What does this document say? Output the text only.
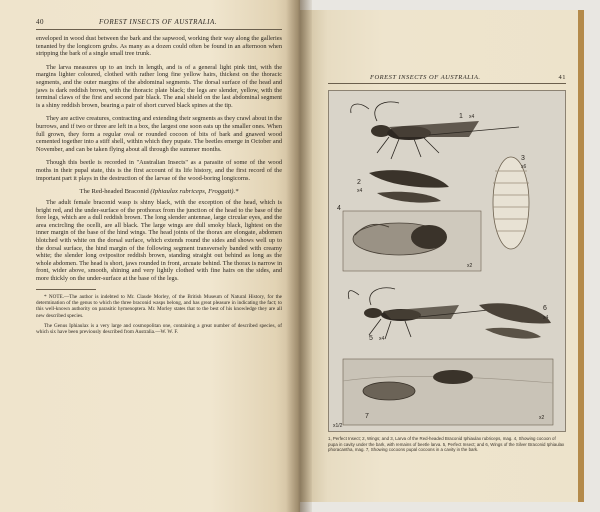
40	FOREST INSECTS OF AUSTRALIA.

enveloped in wood dust between the bark and the sapwood, working their way along the galleries tenanted by the longicorn grubs. As many as a dozen could often be found in an afternoon when stripping the bark of a single small tree trunk.

The larva measures up to an inch in length, and is of a general light pink tint, with the margins lighter coloured, clothed with rather long fine yellow hairs, thickest on the thoracic segments, and the outer margins of the abdominal segments. The dorsal surface of the head and jaws is dark reddish brown, with the thoracic plate black; the legs are slender, yellow, with the terminal claws of the first and second pair black. The anal shield on the last abdominal segment is a shiny reddish brown, bearing a pair of short curved black spines at the tip.

They are active creatures, contracting and extending their segments as they crawl about in the burrows, and if two or three are left in a box, the largest one soon eats up the smaller ones. When full grown, they form a regular oval or rounded cocoon of bits of bark and gnawed wood cemented together into a stiff shell, within which they pupate. The beetles emerge in October and November, and can be taken flying about all through the summer months.

Though this beetle is recorded in "Australian Insects" as a parasite of some of the wood moths in their pupal state, this is the first account of its life history, and the first record of the important part it plays in the destruction of the larvae of the wood-boring longicorns.

The Red-headed Braconid (Iphiaulax rubriceps, Froggatt).*

The adult female braconid wasp is shiny black, with the exception of the head, which is bright red, and the under-surface of the prothorax from the junction of the head to the base of the fore legs, which are a dull reddish brown. The long slender antennae, large circular eyes, and the area encircling the ocelli, are all black. The large wings are dull smoky black, lightest on the inner margin of the base of the hind wings. The head joints of the thorax are elongate, abdomen blotched with white on the dorsal surface, which extends round the sides and shows well up to the dorsal surface, the hind margin of the following segment transversely banded with creamy white; the slender long ovipositor reddish brown, standing straight out behind as long as the whole abdomen. The head is short, jaws rounded in front, arcuate behind. The thorax is narrow in front, wider above, smooth, shining and very lightly clothed with fine hairs on the sides, and more thickly on the under-surface at the base of the legs.

* NOTE.—The author is indebted to Mr. Claude Morley, of the British Museum of Natural History, for the determination of the genus to which the three braconid wasps belong, and has great pleasure in indicating the fact; to this well-known authority on parasitic hymenoptera. Mr. Morley states that to the best of his knowledge they are all new described species.

The Genus Iphiaulax is a very large and cosmopolitan one, containing a great number of described species, of which six have been previously described from Australia.—W. W. F.

FOREST INSECTS OF AUSTRALIA.	41
1 x4
2
x4
3
x6
4
x2
5 x4
6
x4
7	x2
x1/2

1, Perfect Insect; 2, Wings; and 3, Larva of the Red-headed Braconid Iphiaulax rubriceps, mag. 4, Showing cocoon of pupa in cavity under the bark, with remains of beetle larva. 5, Perfect Insect; and 6, Wings of the Silver Braconid Iphiaulax phoracantha, mag. 7, Showing cocoons pupal cocoons in a cavity in the bark.
